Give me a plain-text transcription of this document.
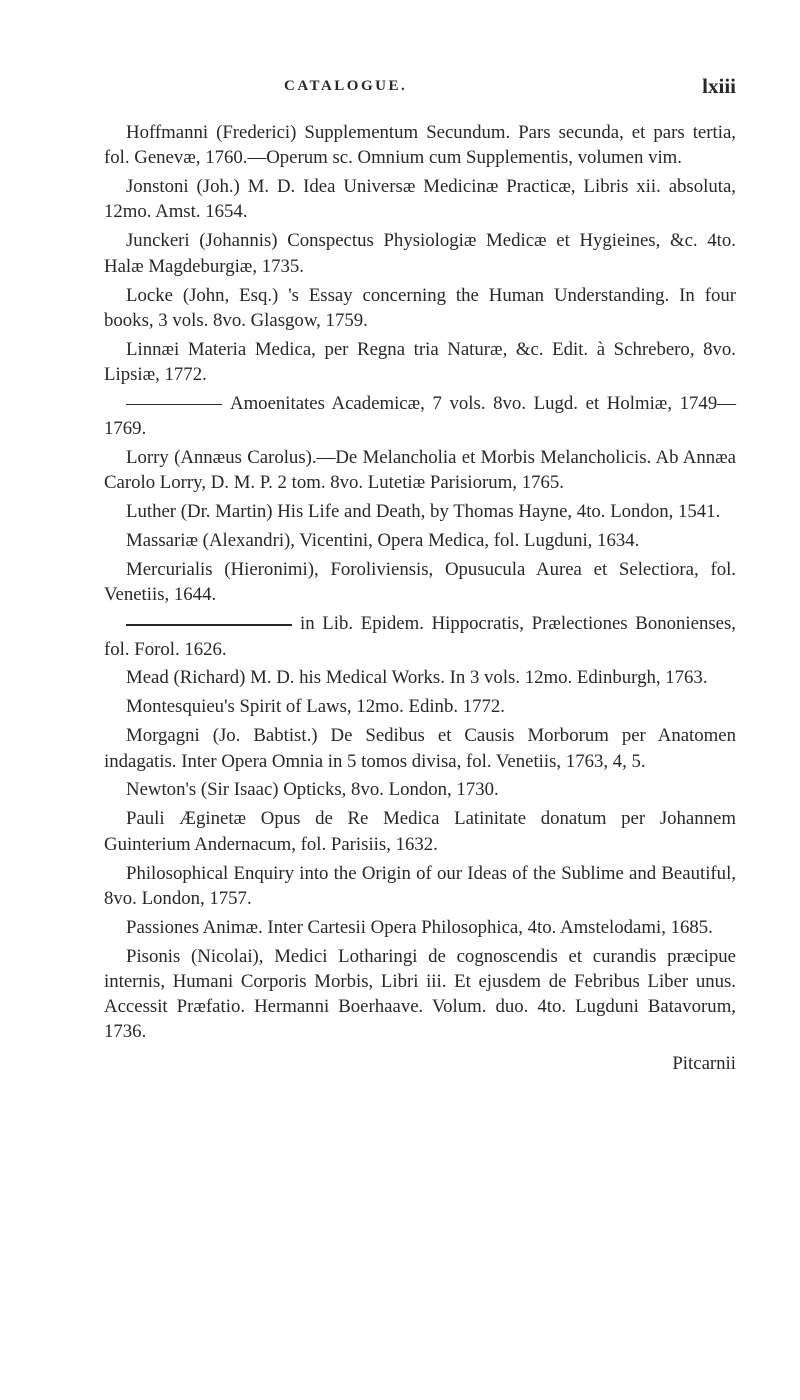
CATALOGUE.	lxiii

Hoffmanni (Frederici) Supplementum Secundum. Pars secunda, et pars tertia, fol. Genevæ, 1760.—Operum sc. Omnium cum Supplementis, volumen vim.

Jonstoni (Joh.) M. D. Idea Universæ Medicinæ Practicæ, Libris xii. absoluta, 12mo. Amst. 1654.

Junckeri (Johannis) Conspectus Physiologiæ Medicæ et Hygieines, &c. 4to. Halæ Magdeburgiæ, 1735.

Locke (John, Esq.) 's Essay concerning the Human Understanding. In four books, 3 vols. 8vo. Glasgow, 1759.

Linnæi Materia Medica, per Regna tria Naturæ, &c. Edit. à Schrebero, 8vo. Lipsiæ, 1772.

Amoenitates Academicæ, 7 vols. 8vo. Lugd. et Holmiæ, 1749—1769.

Lorry (Annæus Carolus).—De Melancholia et Morbis Melancholicis. Ab Annæa Carolo Lorry, D. M. P. 2 tom. 8vo. Lutetiæ Parisiorum, 1765.

Luther (Dr. Martin) His Life and Death, by Thomas Hayne, 4to. London, 1541.

Massariæ (Alexandri), Vicentini, Opera Medica, fol. Lugduni, 1634.

Mercurialis (Hieronimi), Foroliviensis, Opusucula Aurea et Selectiora, fol. Venetiis, 1644.

in Lib. Epidem. Hippocratis, Prælectiones Bononienses, fol. Forol. 1626.

Mead (Richard) M. D. his Medical Works. In 3 vols. 12mo. Edinburgh, 1763.

Montesquieu's Spirit of Laws, 12mo. Edinb. 1772.

Morgagni (Jo. Babtist.) De Sedibus et Causis Morborum per Anatomen indagatis. Inter Opera Omnia in 5 tomos divisa, fol. Venetiis, 1763, 4, 5.

Newton's (Sir Isaac) Opticks, 8vo. London, 1730.

Pauli Æginetæ Opus de Re Medica Latinitate donatum per Johannem Guinterium Andernacum, fol. Parisiis, 1632.

Philosophical Enquiry into the Origin of our Ideas of the Sublime and Beautiful, 8vo. London, 1757.

Passiones Animæ. Inter Cartesii Opera Philosophica, 4to. Amstelodami, 1685.

Pisonis (Nicolai), Medici Lotharingi de cognoscendis et curandis præcipue internis, Humani Corporis Morbis, Libri iii. Et ejusdem de Febribus Liber unus. Accessit Præfatio. Hermanni Boerhaave. Volum. duo. 4to. Lugduni Batavorum, 1736.

Pitcarnii
